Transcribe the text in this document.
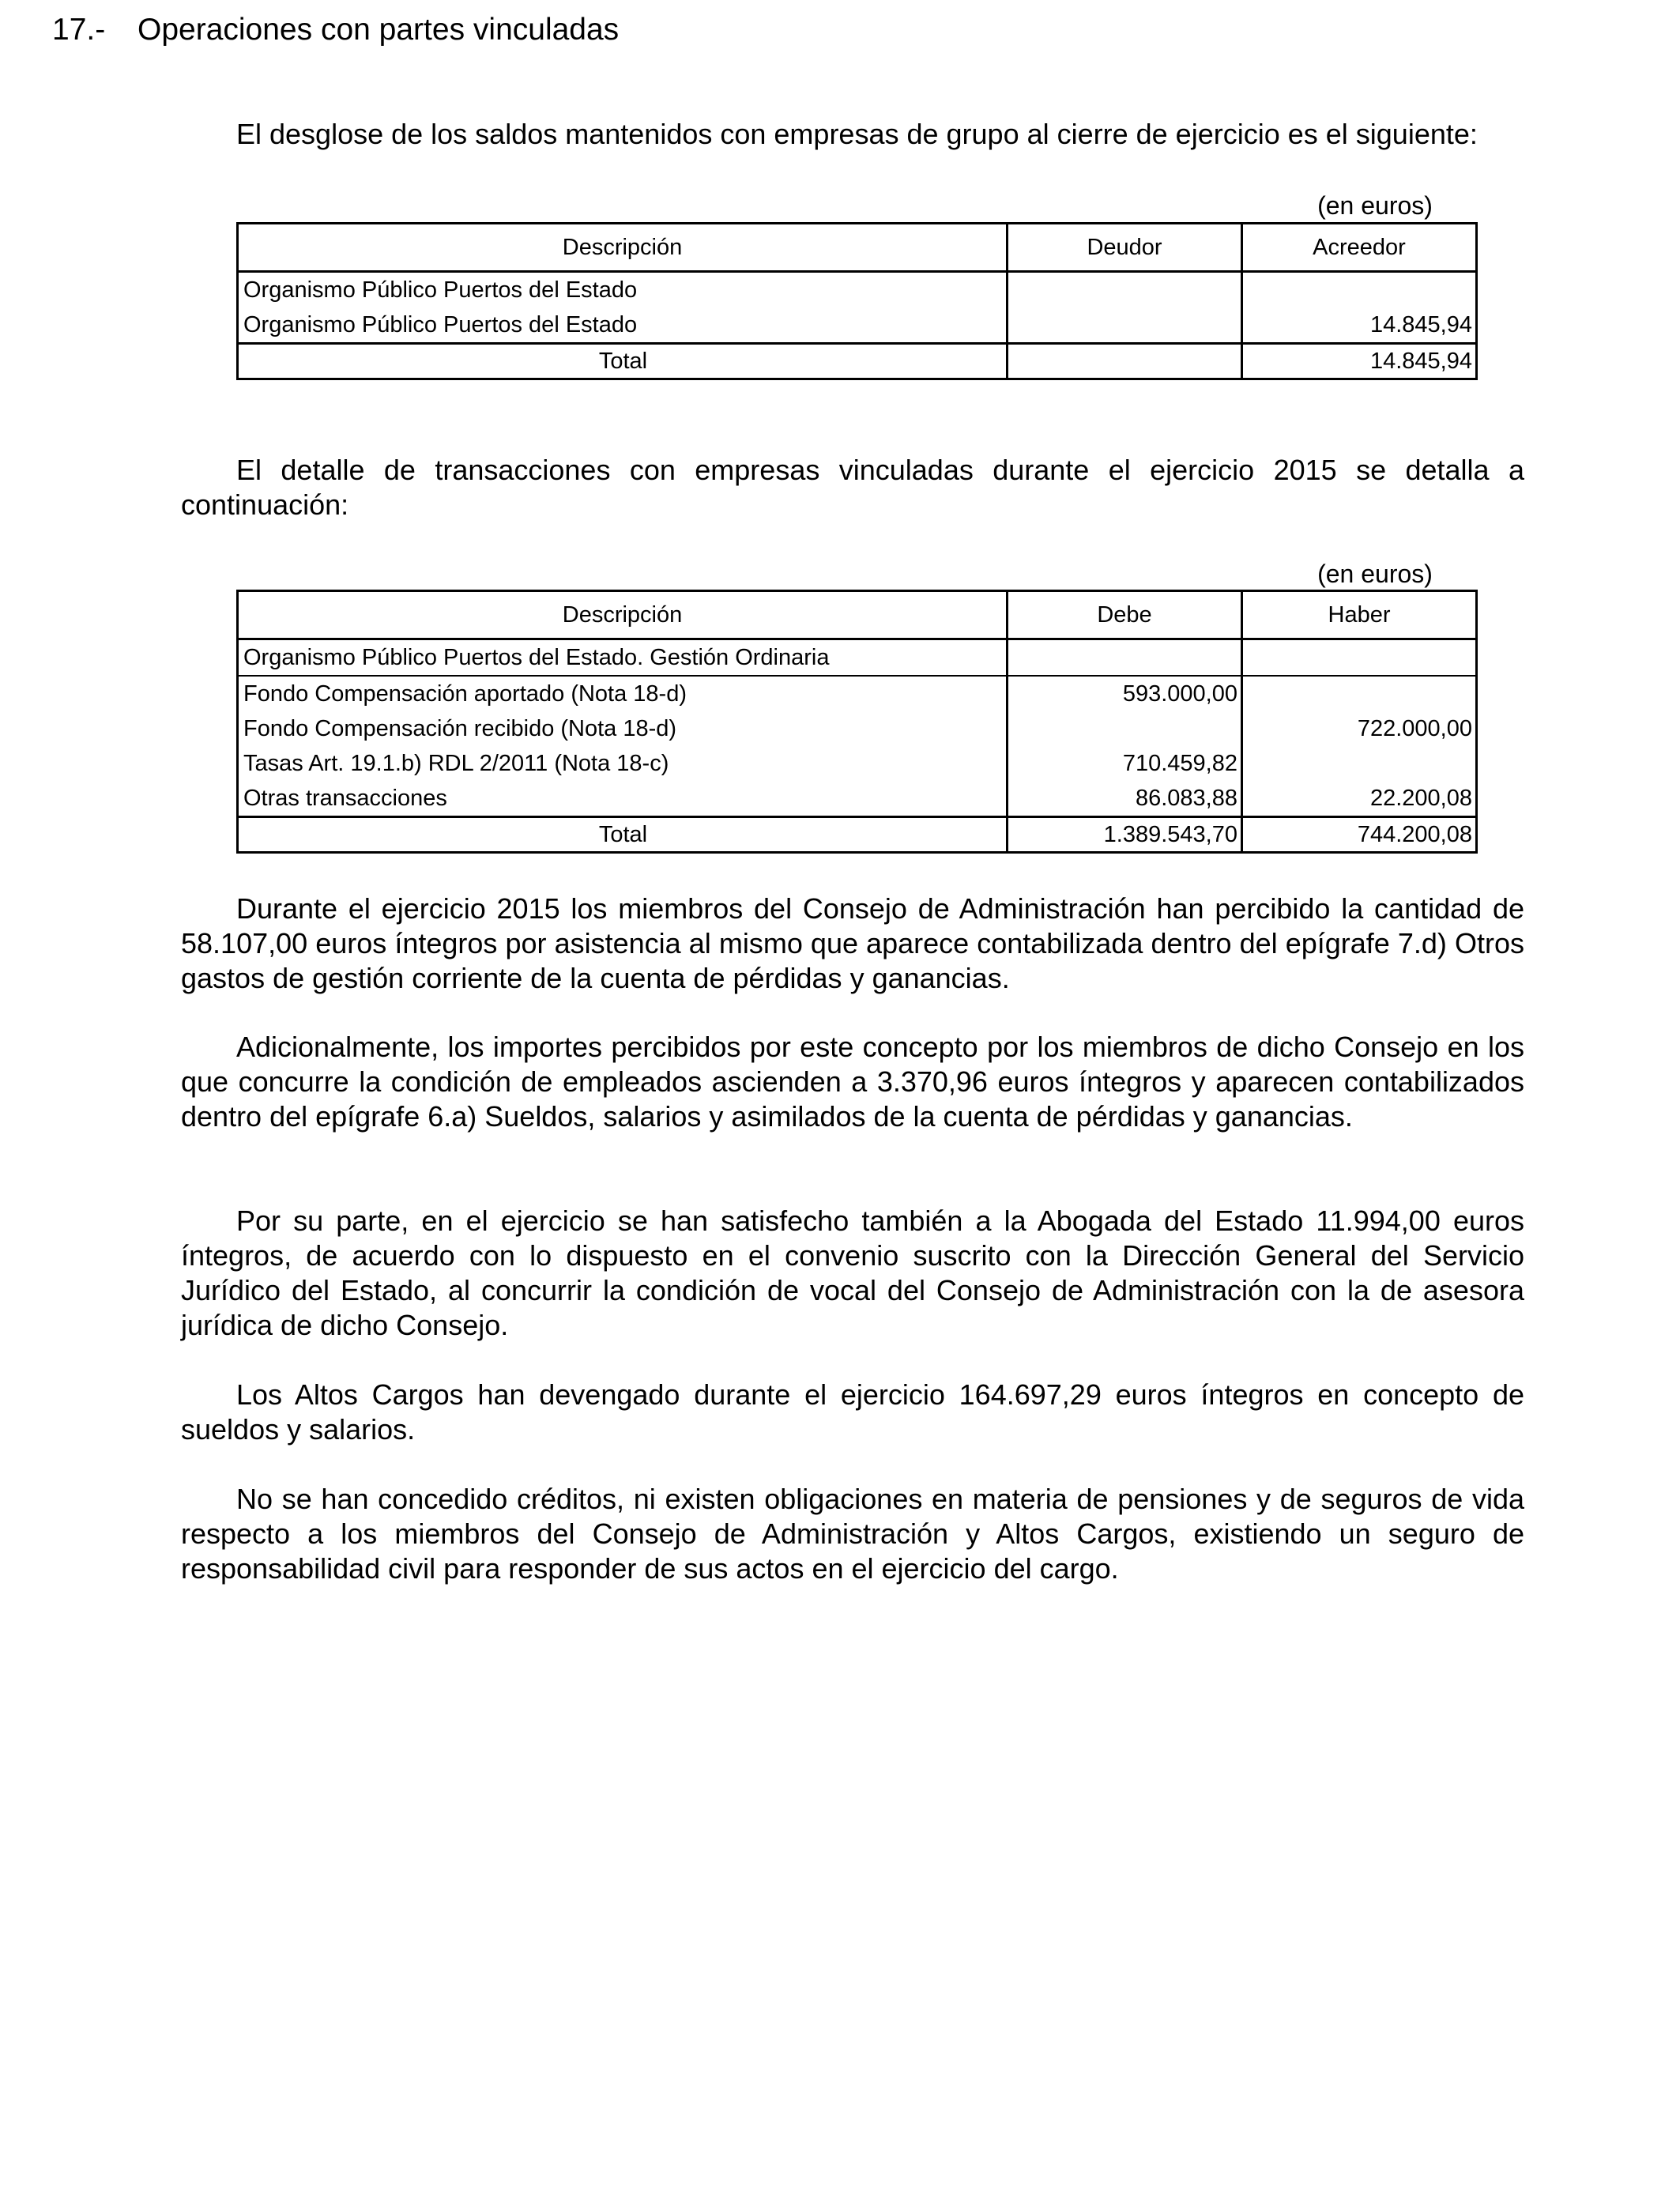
17.- Operaciones con partes vinculadas

El desglose de los saldos mantenidos con empresas de grupo al cierre de ejercicio es el siguiente:

(en euros)
Descripción	Deudor	Acreedor
Organismo Público Puertos del Estado		
Organismo Público Puertos del Estado		14.845,94
Total		14.845,94

El detalle de transacciones con empresas vinculadas durante el ejercicio 2015 se detalla a continuación:

(en euros)
Descripción	Debe	Haber
Organismo Público Puertos del Estado. Gestión Ordinaria		
Fondo Compensación aportado (Nota 18-d)	593.000,00	
Fondo Compensación recibido (Nota 18-d)		722.000,00
Tasas Art. 19.1.b) RDL 2/2011 (Nota 18-c)	710.459,82	
Otras transacciones	86.083,88	22.200,08
Total	1.389.543,70	744.200,08

Durante el ejercicio 2015 los miembros del Consejo de Administración han percibido la cantidad de 58.107,00 euros íntegros por asistencia al mismo que aparece contabilizada dentro del epígrafe 7.d) Otros gastos de gestión corriente de la cuenta de pérdidas y ganancias.

Adicionalmente, los importes percibidos por este concepto por los miembros de dicho Consejo en los que concurre la condición de empleados ascienden a 3.370,96 euros íntegros y aparecen contabilizados dentro del epígrafe 6.a) Sueldos, salarios y asimilados de la cuenta de pérdidas y ganancias.

Por su parte, en el ejercicio se han satisfecho también a la Abogada del Estado 11.994,00 euros íntegros, de acuerdo con lo dispuesto en el convenio suscrito con la Dirección General del Servicio Jurídico del Estado, al concurrir la condición de vocal del Consejo de Administración con la de asesora jurídica de dicho Consejo.

Los Altos Cargos han devengado durante el ejercicio 164.697,29 euros íntegros en concepto de sueldos y salarios.

No se han concedido créditos, ni existen obligaciones en materia de pensiones y de seguros de vida respecto a los miembros del Consejo de Administración y Altos Cargos, existiendo un seguro de responsabilidad civil para responder de sus actos en el ejercicio del cargo.
